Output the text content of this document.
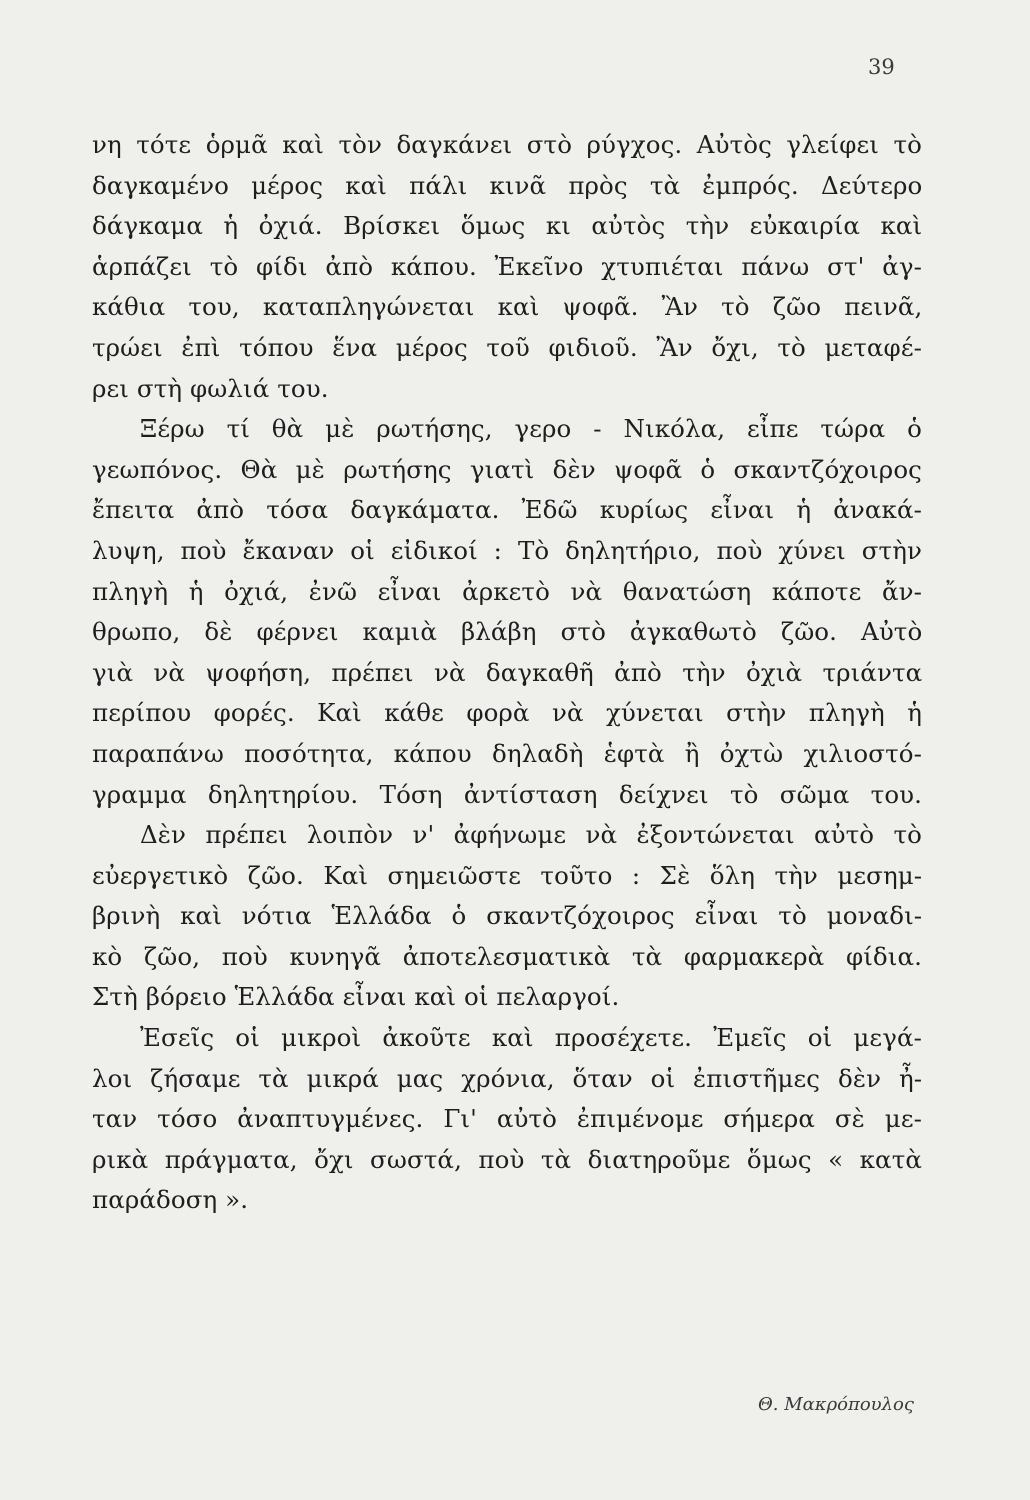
39
νη τότε ὁρμᾶ καὶ τὸν δαγκάνει στὸ ρύγχος. Αὐτὸς γλείφει τὸ
δαγκαμένο μέρος καὶ πάλι κινᾶ πρὸς τὰ ἐμπρός. Δεύτερο
δάγκαμα ἡ ὀχιά. Βρίσκει ὅμως κι αὐτὸς τὴν εὐκαιρία καὶ
ἁρπάζει τὸ φίδι ἀπὸ κάπου. Ἐκεῖνο χτυπιέται πάνω στ' ἀγ-
κάθια του, καταπληγώνεται καὶ ψοφᾶ. Ἂν τὸ ζῶο πεινᾶ,
τρώει ἐπὶ τόπου ἕνα μέρος τοῦ φιδιοῦ. Ἂν ὄχι, τὸ μεταφέ-
ρει στὴ φωλιά του.
Ξέρω τί θὰ μὲ ρωτήσης, γερο - Νικόλα, εἶπε τώρα ὁ
γεωπόνος. Θὰ μὲ ρωτήσης γιατὶ δὲν ψοφᾶ ὁ σκαντζόχοιρος
ἔπειτα ἀπὸ τόσα δαγκάματα. Ἐδῶ κυρίως εἶναι ἡ ἀνακά-
λυψη, ποὺ ἔκαναν οἱ εἰδικοί : Τὸ δηλητήριο, ποὺ χύνει στὴν
πληγὴ ἡ ὀχιά, ἐνῶ εἶναι ἀρκετὸ νὰ θανατώση κάποτε ἄν-
θρωπο, δὲ φέρνει καμιὰ βλάβη στὸ ἀγκαθωτὸ ζῶο. Αὐτὸ
γιὰ νὰ ψοφήση, πρέπει νὰ δαγκαθῆ ἀπὸ τὴν ὀχιὰ τριάντα
περίπου φορές. Καὶ κάθε φορὰ νὰ χύνεται στὴν πληγὴ ἡ
παραπάνω ποσότητα, κάπου δηλαδὴ ἑφτὰ ἢ ὀχτὼ χιλιοστό-
γραμμα δηλητηρίου. Τόση ἀντίσταση δείχνει τὸ σῶμα του.
Δὲν πρέπει λοιπὸν ν' ἀφήνωμε νὰ ἐξοντώνεται αὐτὸ τὸ
εὐεργετικὸ ζῶο. Καὶ σημειῶστε τοῦτο : Σὲ ὅλη τὴν μεσημ-
βρινὴ καὶ νότια Ἑλλάδα ὁ σκαντζόχοιρος εἶναι τὸ μοναδι-
κὸ ζῶο, ποὺ κυνηγᾶ ἀποτελεσματικὰ τὰ φαρμακερὰ φίδια.
Στὴ βόρειο Ἑλλάδα εἶναι καὶ οἱ πελαργοί.
Ἐσεῖς οἱ μικροὶ ἀκοῦτε καὶ προσέχετε. Ἐμεῖς οἱ μεγά-
λοι ζήσαμε τὰ μικρά μας χρόνια, ὅταν οἱ ἐπιστῆμες δὲν ἦ-
ταν τόσο ἀναπτυγμένες. Γι' αὐτὸ ἐπιμένομε σήμερα σὲ με-
ρικὰ πράγματα, ὄχι σωστά, ποὺ τὰ διατηροῦμε ὅμως « κατὰ
παράδοση ».
Θ. Μακρόπουλος
